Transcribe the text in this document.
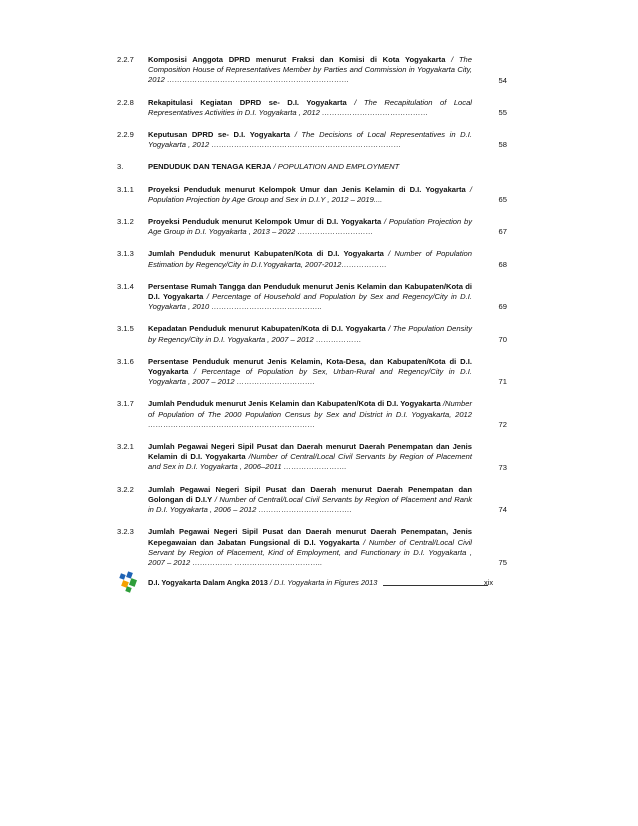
2.2.7	Komposisi Anggota DPRD menurut Fraksi dan Komisi di Kota Yogyakarta / The Composition House of Representatives Member by Parties and Commission in Yogyakarta City, 2012 ………………………………………………………………	54
2.2.8	Rekapitulasi Kegiatan DPRD se- D.I. Yogyakarta / The Recapitulation of Local Representatives Activities in D.I. Yogyakarta , 2012 ……………………………………	55
2.2.9	Keputusan DPRD se- D.I. Yogyakarta / The Decisions of Local Representatives in D.I. Yogyakarta , 2012 …………………………………………………………………	58
3.	PENDUDUK DAN TENAGA KERJA / POPULATION AND EMPLOYMENT
3.1.1	Proyeksi Penduduk menurut Kelompok Umur dan Jenis Kelamin di D.I. Yogyakarta / Population Projection by Age Group and Sex in D.I.Y , 2012 – 2019....	65
3.1.2	Proyeksi Penduduk menurut Kelompok Umur di D.I. Yogyakarta / Population Projection by Age Group in D.I. Yogyakarta , 2013 – 2022 …………………………	67
3.1.3	Jumlah Penduduk menurut Kabupaten/Kota di D.I. Yogyakarta / Number of Population Estimation by Regency/City in D.I.Yogyakarta, 2007-2012………………	68
3.1.4	Persentase Rumah Tangga dan Penduduk menurut Jenis Kelamin dan Kabupaten/Kota di D.I. Yogyakarta / Percentage of Household and Population by Sex and Regency/City in D.I. Yogyakarta , 2010 ……………………………………..	69
3.1.5	Kepadatan Penduduk menurut Kabupaten/Kota di D.I. Yogyakarta / The Population Density by Regency/City in D.I. Yogyakarta , 2007 – 2012 ………………	70
3.1.6	Persentase Penduduk menurut Jenis Kelamin, Kota-Desa, dan Kabupaten/Kota di D.I. Yogyakarta / Percentage of Population by Sex, Urban-Rural and Regency/City in D.I. Yogyakarta , 2007 – 2012 ………………………….	71
3.1.7	Jumlah Penduduk menurut Jenis Kelamin dan Kabupaten/Kota di D.I. Yogyakarta /Number of Population of The 2000 Population Census by Sex and District in D.I. Yogyakarta, 2012 …………………………………………………………	72
3.2.1	Jumlah Pegawai Negeri Sipil Pusat dan Daerah menurut Daerah Penempatan dan Jenis Kelamin di D.I. Yogyakarta /Number of Central/Local Civil Servants by Region of Placement and Sex in D.I. Yogyakarta , 2006–2011 …………………….	73
3.2.2	Jumlah Pegawai Negeri Sipil Pusat dan Daerah menurut Daerah Penempatan dan Golongan di D.I.Y / Number of Central/Local Civil Servants by Region of Placement and Rank in D.I. Yogyakarta , 2006 – 2012 ……………………………….	74
3.2.3	Jumlah Pegawai Negeri Sipil Pusat dan Daerah menurut Daerah Penempatan, Jenis Kepegawaian dan Jabatan Fungsional di D.I. Yogyakarta / Number of Central/Local Civil Servant by Region of Placement, Kind of Employment, and Functionary in D.I. Yogyakarta , 2007 – 2012 ……………. ……………………………..	75
D.I. Yogyakarta Dalam Angka 2013 / D.I. Yogyakarta in Figures 2013	xix
